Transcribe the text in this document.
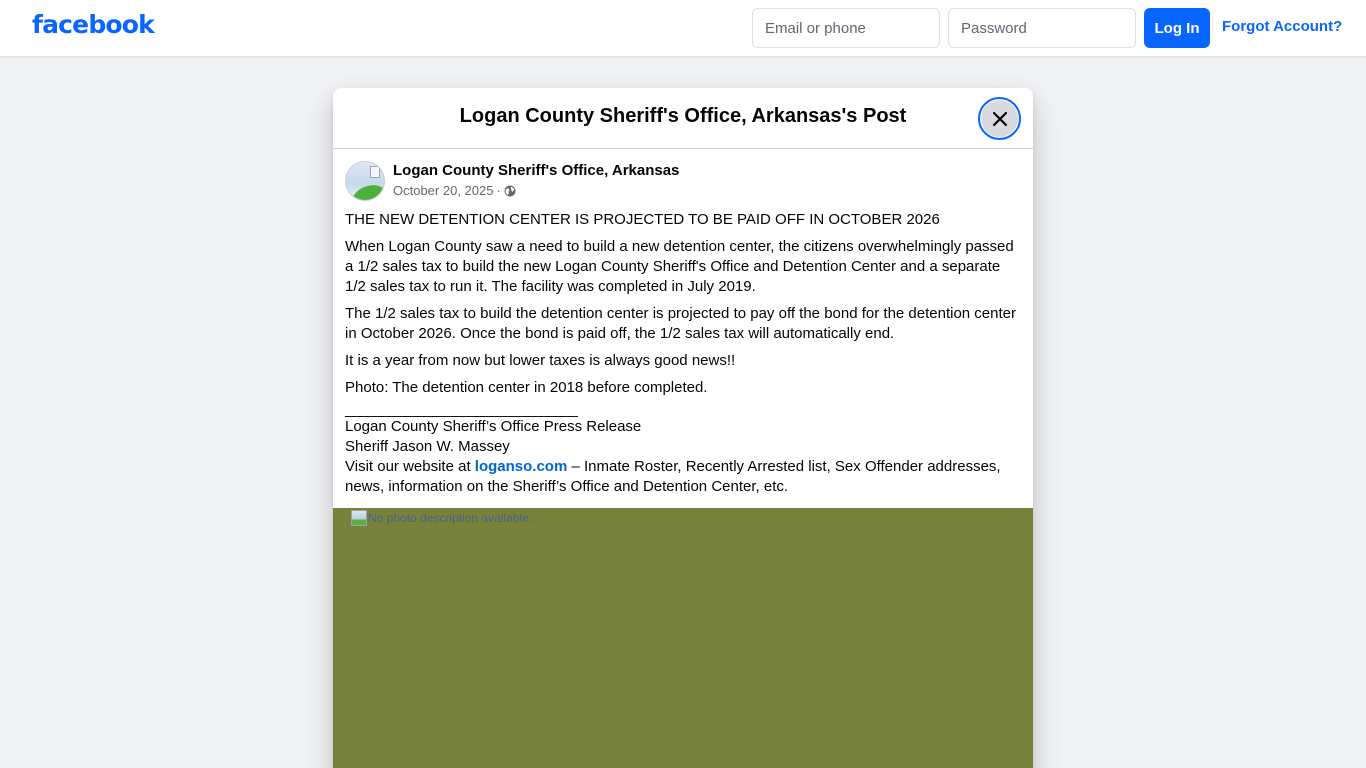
facebook
Email or phone	Log In	Forgot Account?
Logan County Sheriff's Office, Arkansas's Post
Logan County Sheriff's Office, Arkansas
October 20, 2025 ·

THE NEW DETENTION CENTER IS PROJECTED TO BE PAID OFF IN OCTOBER 2026

When Logan County saw a need to build a new detention center, the citizens overwhelmingly passed a 1/2 sales tax to build the new Logan County Sheriff's Office and Detention Center and a separate 1/2 sales tax to run it. The facility was completed in July 2019.

The 1/2 sales tax to build the detention center is projected to pay off the bond for the detention center in October 2026. Once the bond is paid off, the 1/2 sales tax will automatically end.

It is a year from now but lower taxes is always good news!!

Photo: The detention center in 2018 before completed.

________________________________
Logan County Sheriff’s Office Press Release
Sheriff Jason W. Massey
Visit our website at loganso.com – Inmate Roster, Recently Arrested list, Sex Offender addresses, news, information on the Sheriff’s Office and Detention Center, etc.
No photo description available.
